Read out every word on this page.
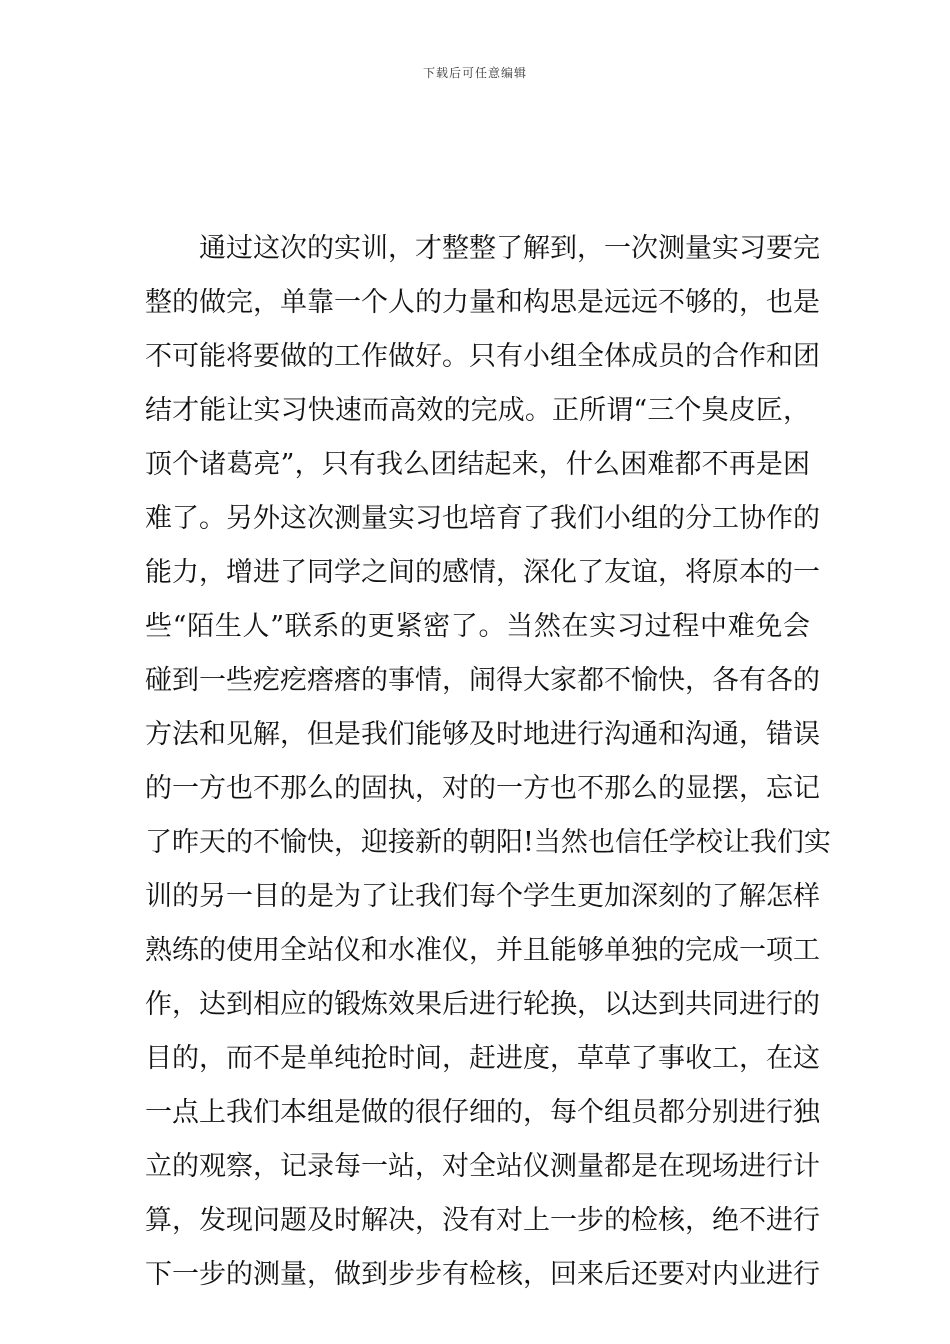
下载后可任意编辑
通过这次的实训，才整整了解到，一次测量实习要完
整的做完，单靠一个人的力量和构思是远远不够的，也是
不可能将要做的工作做好。只有小组全体成员的合作和团
结才能让实习快速而高效的完成。正所谓“三个臭皮匠，
顶个诸葛亮”，只有我么团结起来，什么困难都不再是困
难了。另外这次测量实习也培育了我们小组的分工协作的
能力，增进了同学之间的感情，深化了友谊，将原本的一
些“陌生人”联系的更紧密了。当然在实习过程中难免会
碰到一些疙疙瘩瘩的事情，闹得大家都不愉快，各有各的
方法和见解，但是我们能够及时地进行沟通和沟通，错误
的一方也不那么的固执，对的一方也不那么的显摆，忘记
了昨天的不愉快，迎接新的朝阳!当然也信任学校让我们实
训的另一目的是为了让我们每个学生更加深刻的了解怎样
熟练的使用全站仪和水准仪，并且能够单独的完成一项工
作，达到相应的锻炼效果后进行轮换，以达到共同进行的
目的，而不是单纯抢时间，赶进度，草草了事收工，在这
一点上我们本组是做的很仔细的，每个组员都分别进行独
立的观察，记录每一站，对全站仪测量都是在现场进行计
算，发现问题及时解决，没有对上一步的检核，绝不进行
下一步的测量，做到步步有检核，回来后还要对内业进行
